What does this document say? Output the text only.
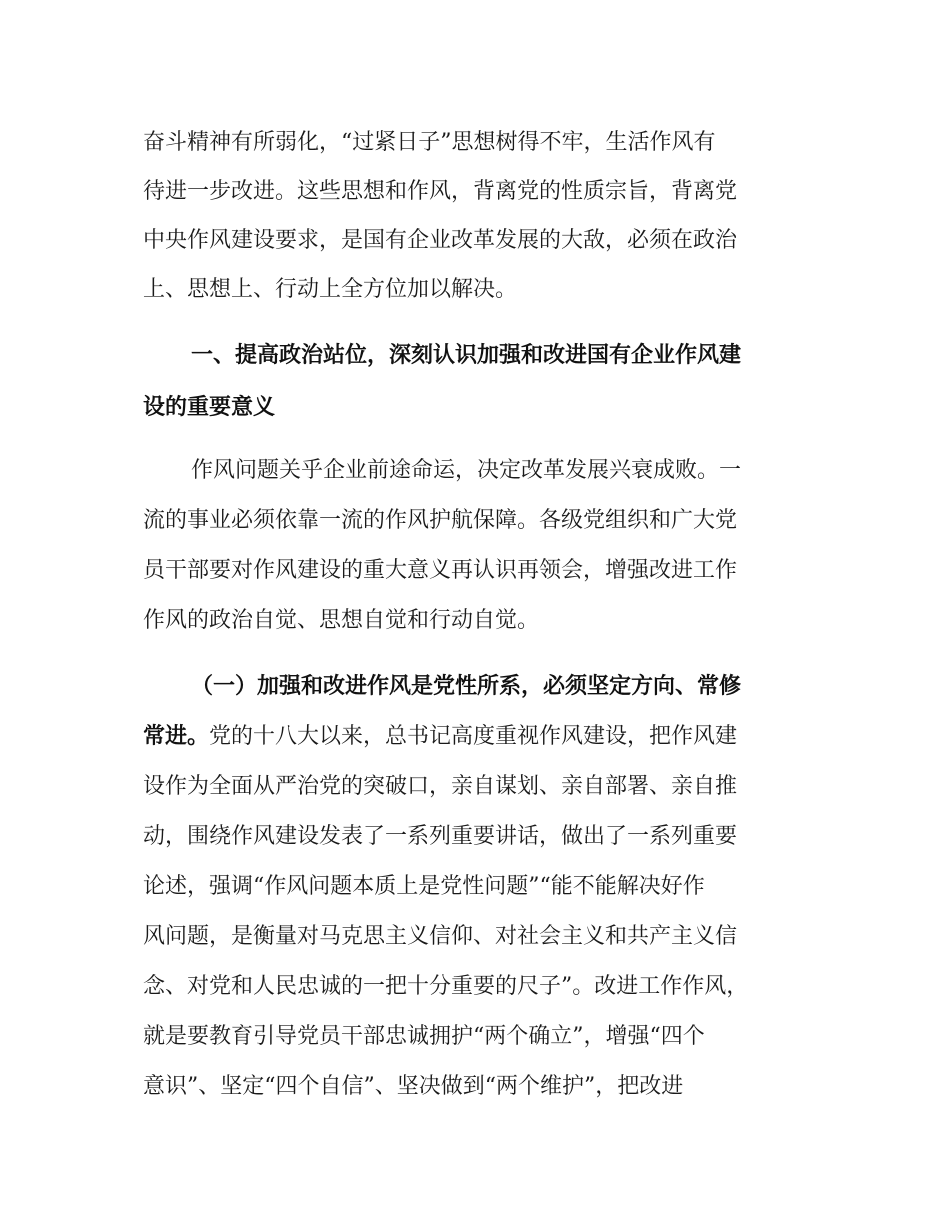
奋斗精神有所弱化，“过紧日子”思想树得不牢，生活作风有
待进一步改进。这些思想和作风，背离党的性质宗旨，背离党
中央作风建设要求，是国有企业改革发展的大敌，必须在政治
上、思想上、行动上全方位加以解决。
一、提高政治站位，深刻认识加强和改进国有企业作风建
设的重要意义
作风问题关乎企业前途命运，决定改革发展兴衰成败。一
流的事业必须依靠一流的作风护航保障。各级党组织和广大党
员干部要对作风建设的重大意义再认识再领会，增强改进工作
作风的政治自觉、思想自觉和行动自觉。
（一）加强和改进作风是党性所系，必须坚定方向、常修
常进。党的十八大以来，总书记高度重视作风建设，把作风建
设作为全面从严治党的突破口，亲自谋划、亲自部署、亲自推
动，围绕作风建设发表了一系列重要讲话，做出了一系列重要
论述，强调“作风问题本质上是党性问题”“能不能解决好作
风问题，是衡量对马克思主义信仰、对社会主义和共产主义信
念、对党和人民忠诚的一把十分重要的尺子”。改进工作作风，
就是要教育引导党员干部忠诚拥护“两个确立”，增强“四个
意识”、坚定“四个自信”、坚决做到“两个维护”，把改进
